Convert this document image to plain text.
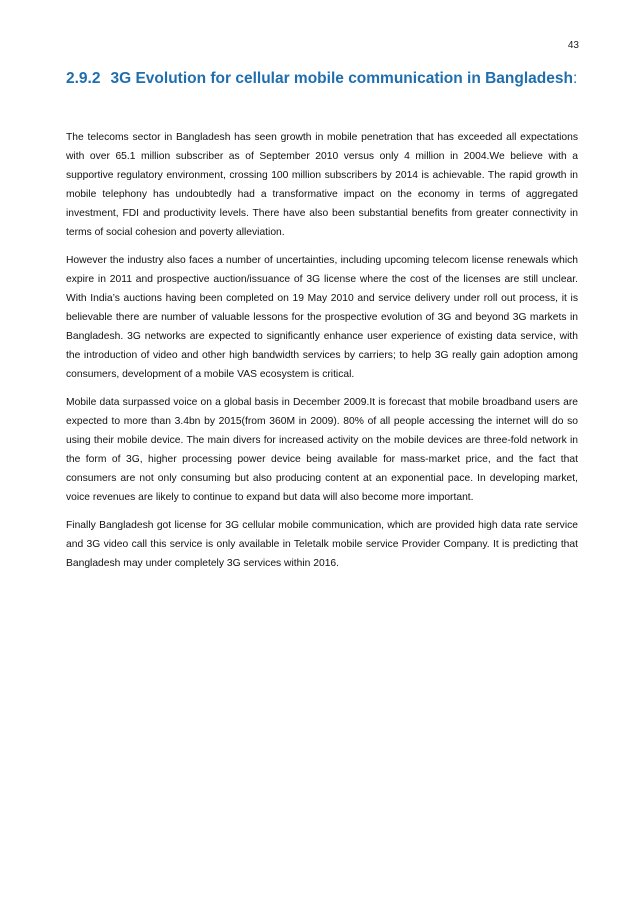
43
2.9.2 3G Evolution for cellular mobile communication in Bangladesh:

The telecoms sector in Bangladesh has seen growth in mobile penetration that has exceeded all expectations with over 65.1 million subscriber as of September 2010 versus only 4 million in 2004.We believe with a supportive regulatory environment, crossing 100 million subscribers by 2014 is achievable. The rapid growth in mobile telephony has undoubtedly had a transformative impact on the economy in terms of aggregated investment, FDI and productivity levels. There have also been substantial benefits from greater connectivity in terms of social cohesion and poverty alleviation.

However the industry also faces a number of uncertainties, including upcoming telecom license renewals which expire in 2011 and prospective auction/issuance of 3G license where the cost of the licenses are still unclear. With India’s auctions having been completed on 19 May 2010 and service delivery under roll out process, it is believable there are number of valuable lessons for the prospective evolution of 3G and beyond 3G markets in Bangladesh. 3G networks are expected to significantly enhance user experience of existing data service, with the introduction of video and other high bandwidth services by carriers; to help 3G really gain adoption among consumers, development of a mobile VAS ecosystem is critical.

Mobile data surpassed voice on a global basis in December 2009.It is forecast that mobile broadband users are expected to more than 3.4bn by 2015(from 360M in 2009). 80% of all people accessing the internet will do so using their mobile device. The main divers for increased activity on the mobile devices are three-fold network in the form of 3G, higher processing power device being available for mass-market price, and the fact that consumers are not only consuming but also producing content at an exponential pace. In developing market, voice revenues are likely to continue to expand but data will also become more important.

Finally Bangladesh got license for 3G cellular mobile communication, which are provided high data rate service and 3G video call this service is only available in Teletalk mobile service Provider Company. It is predicting that Bangladesh may under completely 3G services within 2016.
